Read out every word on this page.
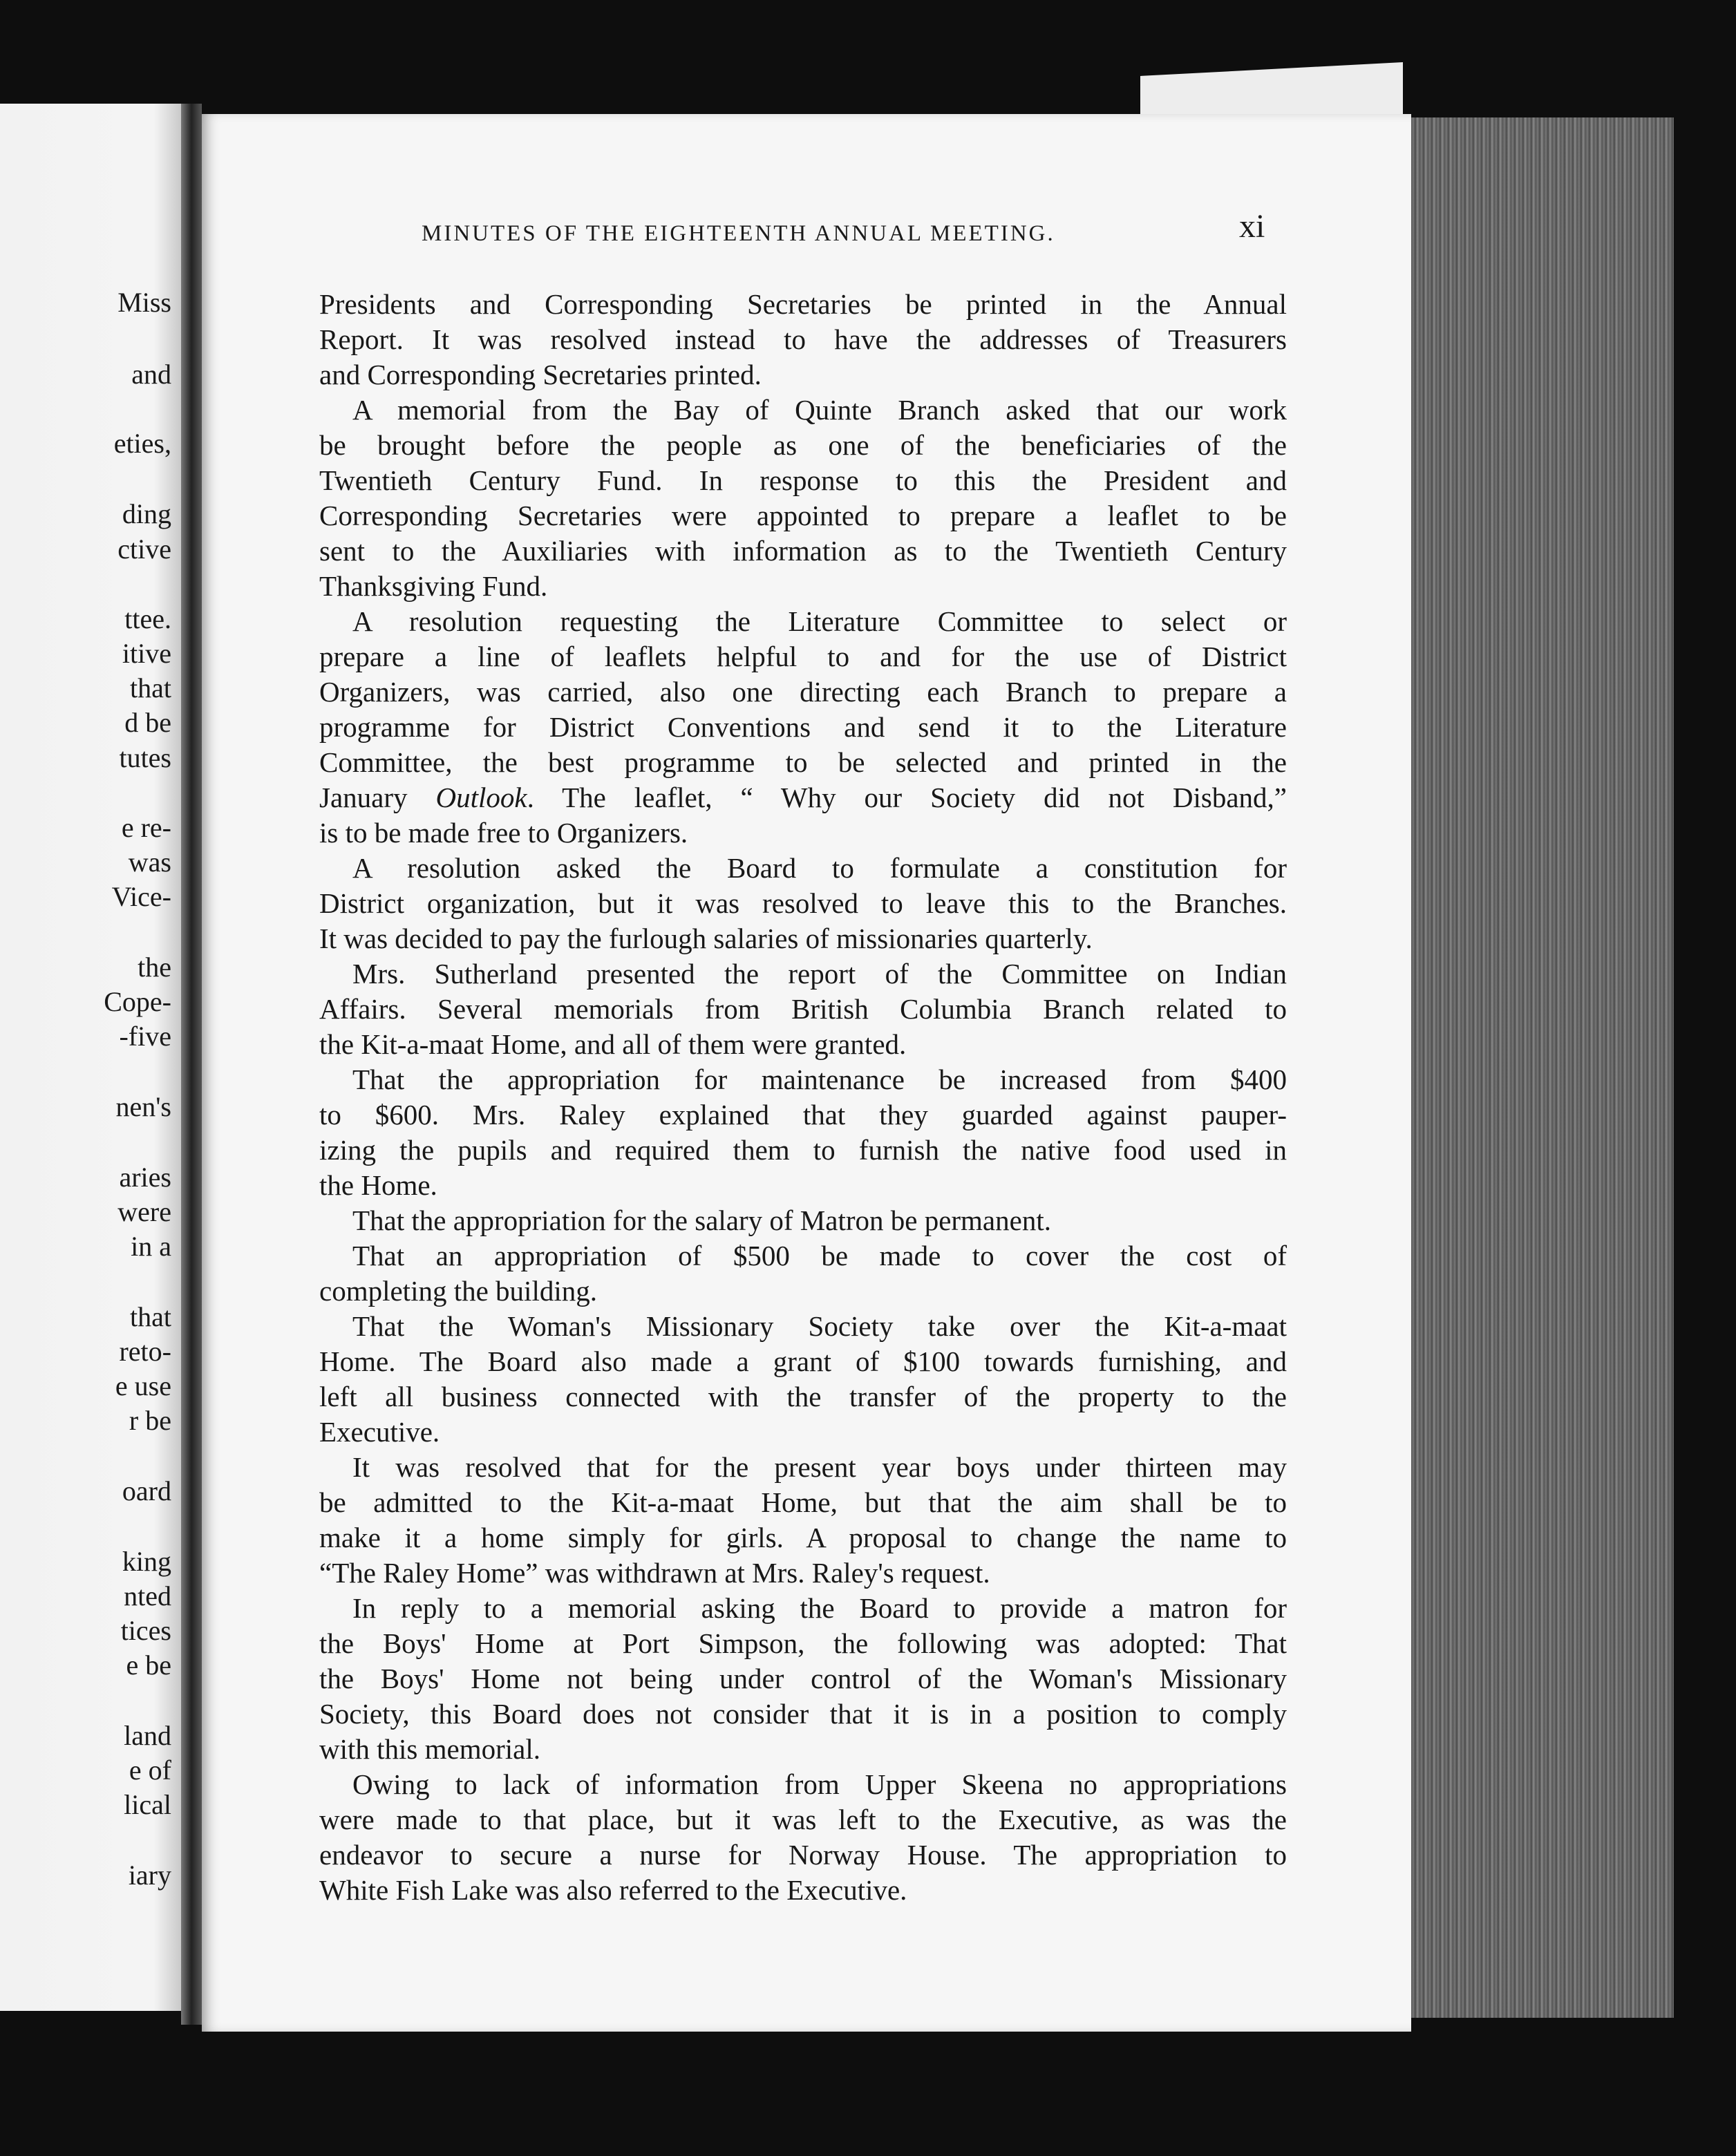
Miss
and
eties,
ding
ctive
ttee.
itive
that
d be
tutes
e re-
was
Vice-
the
Cope-
-five
nen's
aries
were
in a
that
reto-
e use
r be
oard
king
nted
tices
e be
land
e of
lical
iary
MINUTES OF THE EIGHTEENTH ANNUAL MEETING.	xi
Presidents and Corresponding Secretaries be printed in the Annual
Report. It was resolved instead to have the addresses of Treasurers
and Corresponding Secretaries printed.
A memorial from the Bay of Quinte Branch asked that our work
be brought before the people as one of the beneficiaries of the
Twentieth Century Fund. In response to this the President and
Corresponding Secretaries were appointed to prepare a leaflet to be
sent to the Auxiliaries with information as to the Twentieth Century
Thanksgiving Fund.
A resolution requesting the Literature Committee to select or
prepare a line of leaflets helpful to and for the use of District
Organizers, was carried, also one directing each Branch to prepare a
programme for District Conventions and send it to the Literature
Committee, the best programme to be selected and printed in the
January Outlook. The leaflet, “ Why our Society did not Disband,”
is to be made free to Organizers.
A resolution asked the Board to formulate a constitution for
District organization, but it was resolved to leave this to the Branches.
It was decided to pay the furlough salaries of missionaries quarterly.
Mrs. Sutherland presented the report of the Committee on Indian
Affairs. Several memorials from British Columbia Branch related to
the Kit-a-maat Home, and all of them were granted.
That the appropriation for maintenance be increased from $400
to $600. Mrs. Raley explained that they guarded against pauper-
izing the pupils and required them to furnish the native food used in
the Home.
That the appropriation for the salary of Matron be permanent.
That an appropriation of $500 be made to cover the cost of
completing the building.
That the Woman's Missionary Society take over the Kit-a-maat
Home. The Board also made a grant of $100 towards furnishing, and
left all business connected with the transfer of the property to the
Executive.
It was resolved that for the present year boys under thirteen may
be admitted to the Kit-a-maat Home, but that the aim shall be to
make it a home simply for girls. A proposal to change the name to
“The Raley Home” was withdrawn at Mrs. Raley's request.
In reply to a memorial asking the Board to provide a matron for
the Boys' Home at Port Simpson, the following was adopted: That
the Boys' Home not being under control of the Woman's Missionary
Society, this Board does not consider that it is in a position to comply
with this memorial.
Owing to lack of information from Upper Skeena no appropriations
were made to that place, but it was left to the Executive, as was the
endeavor to secure a nurse for Norway House. The appropriation to
White Fish Lake was also referred to the Executive.
